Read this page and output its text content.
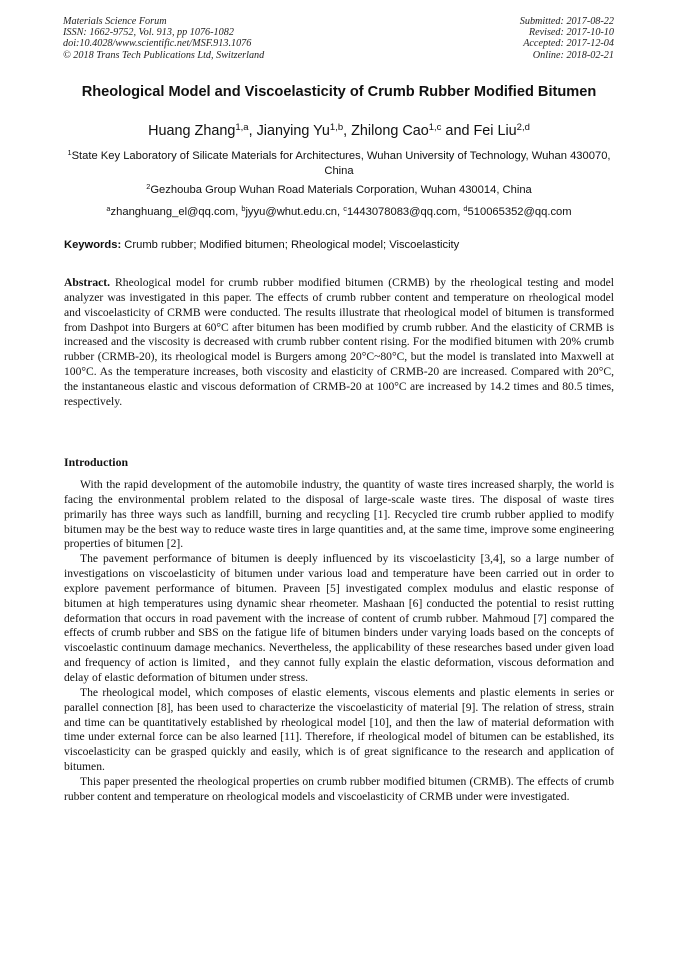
Materials Science Forum
ISSN: 1662-9752, Vol. 913, pp 1076-1082
doi:10.4028/www.scientific.net/MSF.913.1076
© 2018 Trans Tech Publications Ltd, Switzerland
Submitted: 2017-08-22
Revised: 2017-10-10
Accepted: 2017-12-04
Online: 2018-02-21
Rheological Model and Viscoelasticity of Crumb Rubber Modified Bitumen
Huang Zhang$^{1,a}$, Jianying Yu$^{1,b}$, Zhilong Cao$^{1,c}$ and Fei Liu$^{2,d}$
$^1$State Key Laboratory of Silicate Materials for Architectures, Wuhan University of Technology, Wuhan 430070, China
$^2$Gezhouba Group Wuhan Road Materials Corporation, Wuhan 430014, China
$^a$zhanghuang_el@qq.com, $^b$jyyu@whut.edu.cn, $^c$1443078083@qq.com, $^d$510065352@qq.com
Keywords: Crumb rubber; Modified bitumen; Rheological model; Viscoelasticity
Abstract. Rheological model for crumb rubber modified bitumen (CRMB) by the rheological testing and model analyzer was investigated in this paper. The effects of crumb rubber content and temperature on rheological model and viscoelasticity of CRMB were conducted. The results illustrate that rheological model of bitumen is transformed from Dashpot into Burgers at 60°C after bitumen has been modified by crumb rubber. And the elasticity of CRMB is increased and the viscosity is decreased with crumb rubber content rising. For the modified bitumen with 20% crumb rubber (CRMB-20), its rheological model is Burgers among 20°C~80°C, but the model is translated into Maxwell at 100°C. As the temperature increases, both viscosity and elasticity of CRMB-20 are increased. Compared with 20°C, the instantaneous elastic and viscous deformation of CRMB-20 at 100°C are increased by 14.2 times and 80.5 times, respectively.
Introduction

With the rapid development of the automobile industry, the quantity of waste tires increased sharply, the world is facing the environmental problem related to the disposal of large-scale waste tires. The disposal of waste tires primarily has three ways such as landfill, burning and recycling [1]. Recycled tire crumb rubber applied to modify bitumen may be the best way to reduce waste tires in large quantities and, at the same time, improve some engineering properties of bitumen [2].

The pavement performance of bitumen is deeply influenced by its viscoelasticity [3,4], so a large number of investigations on viscoelasticity of bitumen under various load and temperature have been carried out in order to explore pavement performance of bitumen. Praveen [5] investigated complex modulus and elastic response of bitumen at high temperatures using dynamic shear rheometer. Mashaan [6] conducted the potential to resist rutting deformation that occurs in road pavement with the increase of content of crumb rubber. Mahmoud [7] compared the effects of crumb rubber and SBS on the fatigue life of bitumen binders under varying loads based on the concepts of viscoelastic continuum damage mechanics. Nevertheless, the applicability of these researches based under given load and frequency of action is limited，and they cannot fully explain the elastic deformation, viscous deformation and delay of elastic deformation of bitumen under stress.

The rheological model, which composes of elastic elements, viscous elements and plastic elements in series or parallel connection [8], has been used to characterize the viscoelasticity of material [9]. The relation of stress, strain and time can be quantitatively established by rheological model [10], and then the law of material deformation with time under external force can be also learned [11]. Therefore, if rheological model of bitumen can be established, its viscoelasticity can be grasped quickly and easily, which is of great significance to the research and application of bitumen.

This paper presented the rheological properties on crumb rubber modified bitumen (CRMB). The effects of crumb rubber content and temperature on rheological models and viscoelasticity of CRMB under were investigated.
